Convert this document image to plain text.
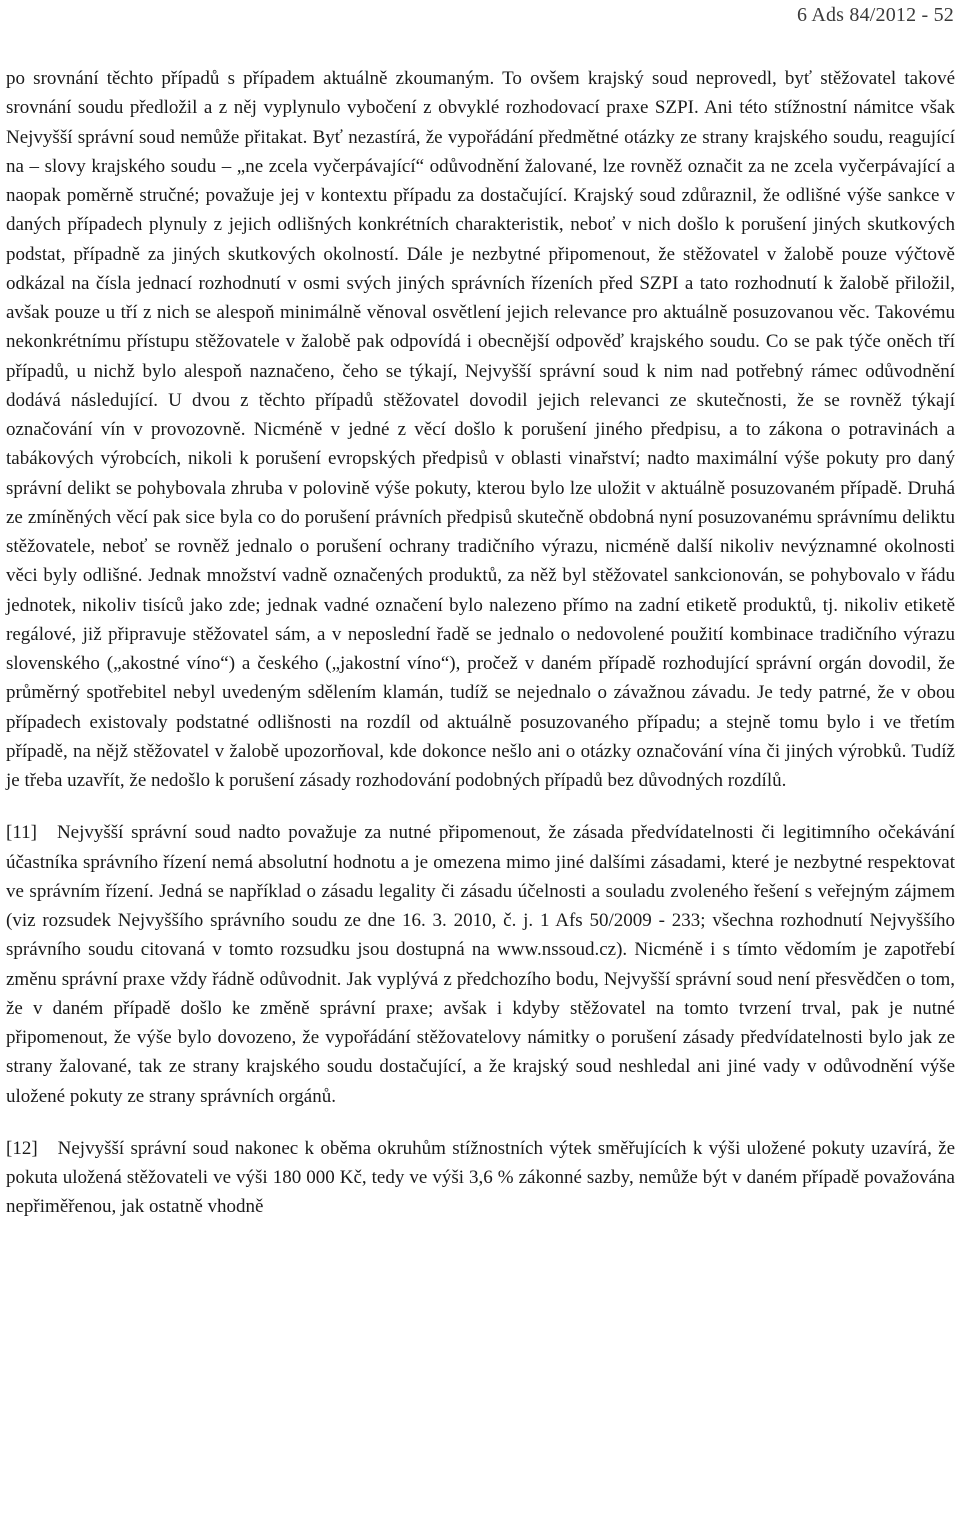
6 Ads 84/2012 - 52

po srovnání těchto případů s případem aktuálně zkoumaným. To ovšem krajský soud neprovedl, byť stěžovatel takové srovnání soudu předložil a z něj vyplynulo vybočení z obvyklé rozhodovací praxe SZPI. Ani této stížnostní námitce však Nejvyšší správní soud nemůže přitakat. Byť nezastírá, že vypořádání předmětné otázky ze strany krajského soudu, reagující na – slovy krajského soudu – „ne zcela vyčerpávající“ odůvodnění žalované, lze rovněž označit za ne zcela vyčerpávající a naopak poměrně stručné; považuje jej v kontextu případu za dostačující. Krajský soud zdůraznil, že odlišné výše sankce v daných případech plynuly z jejich odlišných konkrétních charakteristik, neboť v nich došlo k porušení jiných skutkových podstat, případně za jiných skutkových okolností. Dále je nezbytné připomenout, že stěžovatel v žalobě pouze výčtově odkázal na čísla jednací rozhodnutí v osmi svých jiných správních řízeních před SZPI a tato rozhodnutí k žalobě přiložil, avšak pouze u tří z nich se alespoň minimálně věnoval osvětlení jejich relevance pro aktuálně posuzovanou věc. Takovému nekonkrétnímu přístupu stěžovatele v žalobě pak odpovídá i obecnější odpověď krajského soudu. Co se pak týče oněch tří případů, u nichž bylo alespoň naznačeno, čeho se týkají, Nejvyšší správní soud k nim nad potřebný rámec odůvodnění dodává následující. U dvou z těchto případů stěžovatel dovodil jejich relevanci ze skutečnosti, že se rovněž týkají označování vín v provozovně. Nicméně v jedné z věcí došlo k porušení jiného předpisu, a to zákona o potravinách a tabákových výrobcích, nikoli k porušení evropských předpisů v oblasti vinařství; nadto maximální výše pokuty pro daný správní delikt se pohybovala zhruba v polovině výše pokuty, kterou bylo lze uložit v aktuálně posuzovaném případě. Druhá ze zmíněných věcí pak sice byla co do porušení právních předpisů skutečně obdobná nyní posuzovanému správnímu deliktu stěžovatele, neboť se rovněž jednalo o porušení ochrany tradičního výrazu, nicméně další nikoliv nevýznamné okolnosti věci byly odlišné. Jednak množství vadně označených produktů, za něž byl stěžovatel sankcionován, se pohybovalo v řádu jednotek, nikoliv tisíců jako zde; jednak vadné označení bylo nalezeno přímo na zadní etiketě produktů, tj. nikoliv etiketě regálové, již připravuje stěžovatel sám, a v neposlední řadě se jednalo o nedovolené použití kombinace tradičního výrazu slovenského („akostné víno“) a českého („jakostní víno“), pročež v daném případě rozhodující správní orgán dovodil, že průměrný spotřebitel nebyl uvedeným sdělením klamán, tudíž se nejednalo o závažnou závadu. Je tedy patrné, že v obou případech existovaly podstatné odlišnosti na rozdíl od aktuálně posuzovaného případu; a stejně tomu bylo i ve třetím případě, na nějž stěžovatel v žalobě upozorňoval, kde dokonce nešlo ani o otázky označování vína či jiných výrobků. Tudíž je třeba uzavřít, že nedošlo k porušení zásady rozhodování podobných případů bez důvodných rozdílů.

[11] Nejvyšší správní soud nadto považuje za nutné připomenout, že zásada předvídatelnosti či legitimního očekávání účastníka správního řízení nemá absolutní hodnotu a je omezena mimo jiné dalšími zásadami, které je nezbytné respektovat ve správním řízení. Jedná se například o zásadu legality či zásadu účelnosti a souladu zvoleného řešení s veřejným zájmem (viz rozsudek Nejvyššího správního soudu ze dne 16. 3. 2010, č. j. 1 Afs 50/2009 - 233; všechna rozhodnutí Nejvyššího správního soudu citovaná v tomto rozsudku jsou dostupná na www.nssoud.cz). Nicméně i s tímto vědomím je zapotřebí změnu správní praxe vždy řádně odůvodnit. Jak vyplývá z předchozího bodu, Nejvyšší správní soud není přesvědčen o tom, že v daném případě došlo ke změně správní praxe; avšak i kdyby stěžovatel na tomto tvrzení trval, pak je nutné připomenout, že výše bylo dovozeno, že vypořádání stěžovatelovy námitky o porušení zásady předvídatelnosti bylo jak ze strany žalované, tak ze strany krajského soudu dostačující, a že krajský soud neshledal ani jiné vady v odůvodnění výše uložené pokuty ze strany správních orgánů.

[12] Nejvyšší správní soud nakonec k oběma okruhům stížnostních výtek směřujících k výši uložené pokuty uzavírá, že pokuta uložená stěžovateli ve výši 180 000 Kč, tedy ve výši 3,6 % zákonné sazby, nemůže být v daném případě považována nepřiměřenou, jak ostatně vhodně
